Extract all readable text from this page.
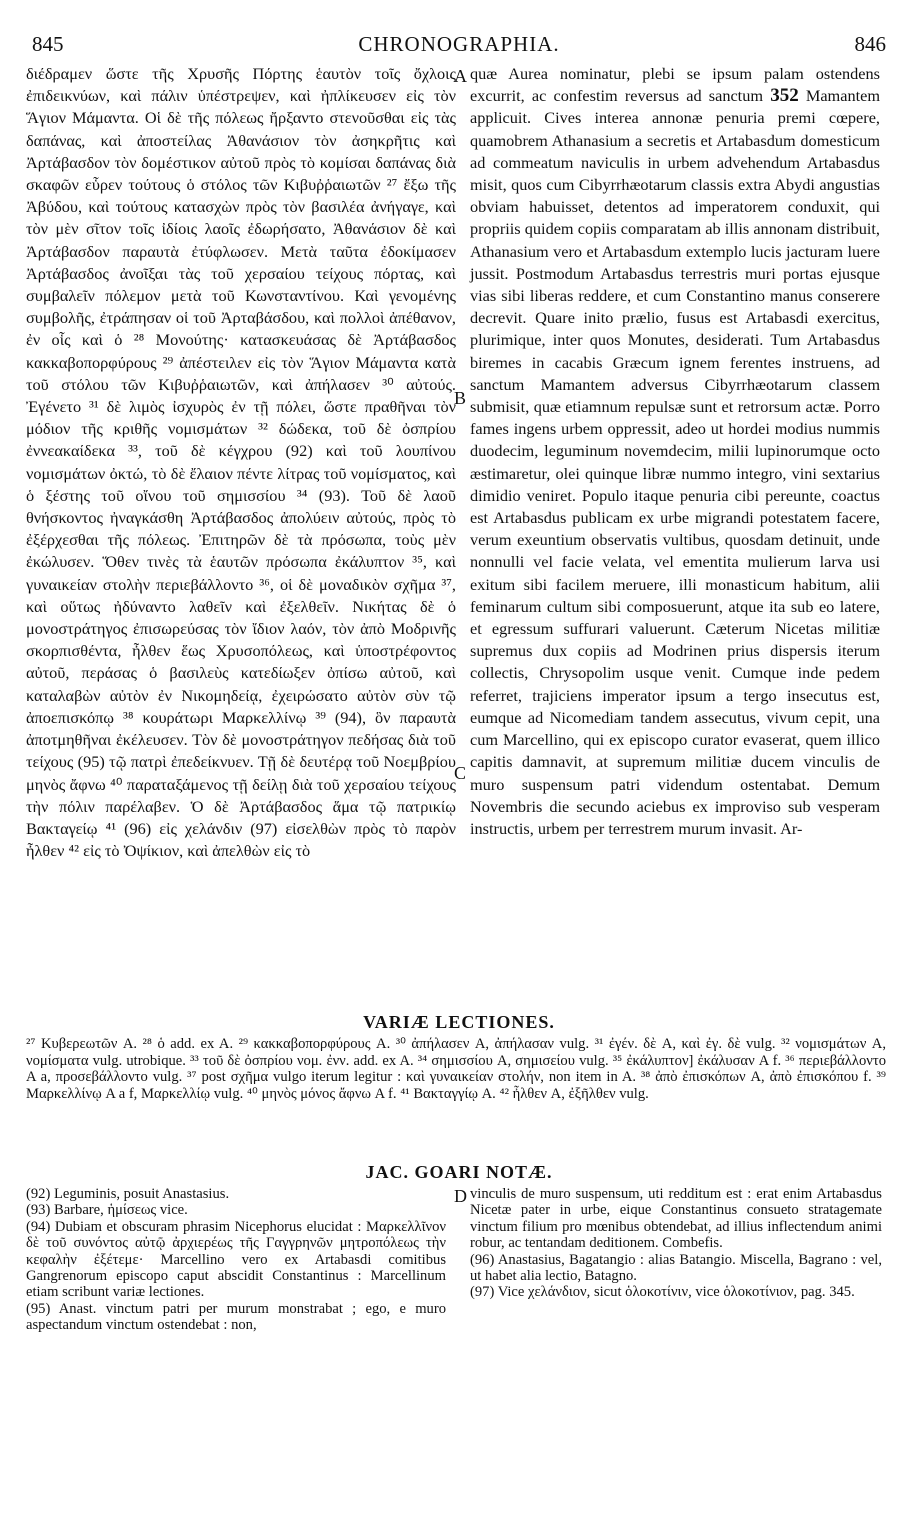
845	CHRONOGRAPHIA.	846

διέδραμεν ὥστε τῆς Χρυσῆς Πόρτης ἑαυτὸν τοῖς ὄχλοις ἐπιδεικνύων, καὶ πάλιν ὑπέστρεψεν, καὶ ἠπλίκευσεν εἰς τὸν Ἅγιον Μάμαντα. Οἱ δὲ τῆς πόλεως ἤρξαντο στενοῦσθαι εἰς τὰς δαπάνας, καὶ ἀποστείλας Ἀθανάσιον τὸν ἀσηκρῆτις καὶ Ἀρτάβασδον τὸν δομέστικον αὐτοῦ πρὸς τὸ κομίσαι δαπάνας διὰ σκαφῶν εὗρεν τούτους ὁ στόλος τῶν Κιβυῤῥαιωτῶν ²⁷ ἔξω τῆς Ἀβύδου, καὶ τούτους κατασχὼν πρὸς τὸν βασιλέα ἀνήγαγε, καὶ τὸν μὲν σῖτον τοῖς ἰδίοις λαοῖς ἐδωρήσατο, Ἀθανάσιον δὲ καὶ Ἀρτάβασδον παραυτὰ ἐτύφλωσεν. Μετὰ ταῦτα ἐδοκίμασεν Ἀρτάβασδος ἀνοῖξαι τὰς τοῦ χερσαίου τείχους πόρτας, καὶ συμβαλεῖν πόλεμον μετὰ τοῦ Κωνσταντίνου. Καὶ γενομένης συμβολῆς, ἐτράπησαν οἱ τοῦ Ἀρταβάσδου, καὶ πολλοὶ ἀπέθανον, ἐν οἷς καὶ ὁ ²⁸ Μονούτης· κατασκευάσας δὲ Ἀρτάβασδος κακκαβοπορφύρους ²⁹ ἀπέστειλεν εἰς τὸν Ἅγιον Μάμαντα κατὰ τοῦ στόλου τῶν Κιβυῤῥαιωτῶν, καὶ ἀπήλασεν ³⁰ αὐτούς. Ἐγένετο ³¹ δὲ λιμὸς ἰσχυρὸς ἐν τῇ πόλει, ὥστε πραθῆναι τὸν μόδιον τῆς κριθῆς νομισμάτων ³² δώδεκα, τοῦ δὲ ὀσπρίου ἐννεακαίδεκα ³³, τοῦ δὲ κέγχρου (92) καὶ τοῦ λουπίνου νομισμάτων ὀκτώ, τὸ δὲ ἔλαιον πέντε λίτρας τοῦ νομίσματος, καὶ ὁ ξέστης τοῦ οἴνου τοῦ σημισσίου ³⁴ (93). Τοῦ δὲ λαοῦ θνήσκοντος ἠναγκάσθη Ἀρτάβασδος ἀπολύειν αὐτούς, πρὸς τὸ ἐξέρχεσθαι τῆς πόλεως. Ἐπιτηρῶν δὲ τὰ πρόσωπα, τοὺς μὲν ἐκώλυσεν. Ὅθεν τινὲς τὰ ἑαυτῶν πρόσωπα ἐκάλυπτον ³⁵, καὶ γυναικείαν στολὴν περιεβάλλοντο ³⁶, οἱ δὲ μοναδικὸν σχῆμα ³⁷, καὶ οὕτως ἠδύναντο λαθεῖν καὶ ἐξελθεῖν. Νικήτας δὲ ὁ μονοστράτηγος ἐπισωρεύσας τὸν ἴδιον λαόν, τὸν ἀπὸ Μοδρινῆς σκορπισθέντα, ἦλθεν ἕως Χρυσοπόλεως, καὶ ὑποστρέφοντος αὐτοῦ, περάσας ὁ βασιλεὺς κατεδίωξεν ὀπίσω αὐτοῦ, καὶ καταλαβὼν αὐτὸν ἐν Νικομηδείᾳ, ἐχειρώσατο αὐτὸν σὺν τῷ ἀποεπισκόπῳ ³⁸ κουράτωρι Μαρκελλίνῳ ³⁹ (94), ὃν παραυτὰ ἀποτμηθῆναι ἐκέλευσεν. Τὸν δὲ μονοστράτηγον πεδήσας διὰ τοῦ τείχους (95) τῷ πατρὶ ἐπεδείκνυεν. Τῇ δὲ δευτέρᾳ τοῦ Νοεμβρίου μηνὸς ἄφνω ⁴⁰ παραταξάμενος τῇ δείλῃ διὰ τοῦ χερσαίου τείχους τὴν πόλιν παρέλαβεν. Ὁ δὲ Ἀρτάβασδος ἅμα τῷ πατρικίῳ Βακταγείῳ ⁴¹ (96) εἰς χελάνδιν (97) εἰσελθὼν πρὸς τὸ παρὸν ἦλθεν ⁴² εἰς τὸ Ὀψίκιον, καὶ ἀπελθὼν εἰς τὸ

A
B
C
D

quæ Aurea nominatur, plebi se ipsum palam ostendens excurrit, ac confestim reversus ad sanctum 352 Mamantem applicuit. Cives interea annonæ penuria premi cœpere, quamobrem Athanasium a secretis et Artabasdum domesticum ad commeatum naviculis in urbem advehendum Artabasdus misit, quos cum Cibyrrhæotarum classis extra Abydi angustias obviam habuisset, detentos ad imperatorem conduxit, qui propriis quidem copiis comparatam ab illis annonam distribuit, Athanasium vero et Artabasdum extemplo lucis jacturam luere jussit. Postmodum Artabasdus terrestris muri portas ejusque vias sibi liberas reddere, et cum Constantino manus conserere decrevit. Quare inito prælio, fusus est Artabasdi exercitus, plurimique, inter quos Monutes, desiderati. Tum Artabasdus biremes in cacabis Græcum ignem ferentes instruens, ad sanctum Mamantem adversus Cibyrrhæotarum classem submisit, quæ etiamnum repulsæ sunt et retrorsum actæ. Porro fames ingens urbem oppressit, adeo ut hordei modius nummis duodecim, leguminum novemdecim, milii lupinorumque octo æstimaretur, olei quinque libræ nummo integro, vini sextarius dimidio veniret. Populo itaque penuria cibi pereunte, coactus est Artabasdus publicam ex urbe migrandi potestatem facere, verum exeuntium observatis vultibus, quosdam detinuit, unde nonnulli vel facie velata, vel ementita mulierum larva usi exitum sibi facilem meruere, illi monasticum habitum, alii feminarum cultum sibi composuerunt, atque ita sub eo latere, et egressum suffurari valuerunt. Cæterum Nicetas militiæ supremus dux copiis ad Modrinen prius dispersis iterum collectis, Chrysopolim usque venit. Cumque inde pedem referret, trajiciens imperator ipsum a tergo insecutus est, eumque ad Nicomediam tandem assecutus, vivum cepit, una cum Marcellino, qui ex episcopo curator evaserat, quem illico capitis damnavit, at supremum militiæ ducem vinculis de muro suspensum patri videndum ostentabat. Demum Novembris die secundo aciebus ex improviso sub vesperam instructis, urbem per terrestrem murum invasit. Ar-

VARIÆ LECTIONES.

²⁷ Κυβερεωτῶν A. ²⁸ ὁ add. ex A. ²⁹ κακκαβοπορφύρους A. ³⁰ ἀπήλασεν A, ἀπήλασαν vulg. ³¹ ἐγέν. δὲ A, καὶ ἐγ. δὲ vulg. ³² νομισμάτων A, νομίσματα vulg. utrobique. ³³ τοῦ δὲ ὀσπρίου νομ. ἐνν. add. ex A. ³⁴ σημισσίου A, σημισείου vulg. ³⁵ ἐκάλυπτον] ἐκάλυσαν A f. ³⁶ περιεβάλλοντο A a, προσεβάλλοντο vulg. ³⁷ post σχῆμα vulgo iterum legitur : καὶ γυναικείαν στολήν, non item in A. ³⁸ ἀπὸ ἐπισκόπων A, ἀπὸ ἐπισκόπου f. ³⁹ Μαρκελλίνῳ A a f, Μαρκελλίῳ vulg. ⁴⁰ μηνὸς μόνος ἄφνω A f. ⁴¹ Βακταγγίῳ A. ⁴² ἦλθεν A, ἐξῆλθεν vulg.

JAC. GOARI NOTÆ.

(92) Leguminis, posuit Anastasius.

(93) Barbare, ἡμίσεως vice.

(94) Dubiam et obscuram phrasim Nicephorus elucidat : Μαρκελλῖνον δὲ τοῦ συνόντος αὐτῷ ἀρχιερέως τῆς Γαγγρηνῶν μητροπόλεως τὴν κεφαλὴν ἐξέτεμε· Marcellino vero ex Artabasdi comitibus Gangrenorum episcopo caput abscidit Constantinus : Marcellinum etiam scribunt variæ lectiones.

(95) Anast. vinctum patri per murum monstrabat ; ego, e muro aspectandum vinctum ostendebat : non,

vinculis de muro suspensum, uti redditum est : erat enim Artabasdus Nicetæ pater in urbe, eique Constantinus consueto stratagemate vinctum filium pro mœnibus obtendebat, ad illius inflectendum animi robur, ac tentandam deditionem. Combefis.

(96) Anastasius, Bagatangio : alias Batangio. Miscella, Bagrano : vel, ut habet alia lectio, Batagno.

(97) Vice χελάνδιον, sicut ὁλοκοτίνιν, vice ὁλοκοτίνιον, pag. 345.
